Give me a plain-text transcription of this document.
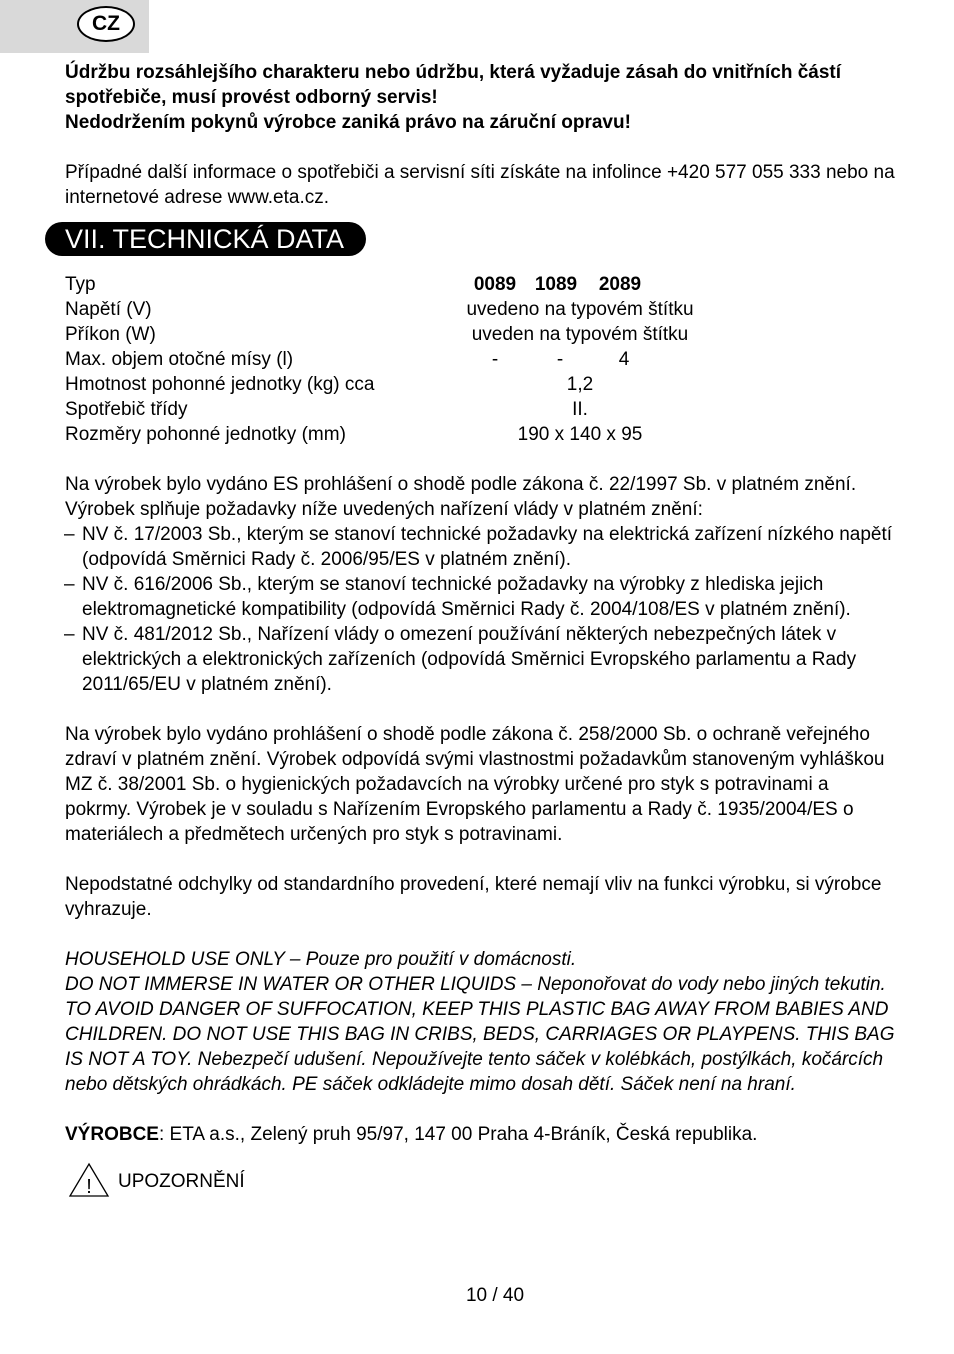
CZ

Údržbu rozsáhlejšího charakteru nebo údržbu, která vyžaduje zásah do vnitřních částí spotřebiče, musí provést odborný servis!

Nedodržením pokynů výrobce zaniká právo na záruční opravu!

Případné další informace o spotřebiči a servisní síti získáte na infolince +420 577 055 333 nebo na internetové adrese www.eta.cz.

VII. TECHNICKÁ DATA
Typ	0089 1089	2089
Napětí (V)	uvedeno na typovém štítku
Příkon (W)	uveden na typovém štítku
Max. objem otočné mísy (l)	-	-	4
Hmotnost pohonné jednotky (kg) cca	1,2
Spotřebič třídy	II.
Rozměry pohonné jednotky (mm)	190 x 140 x 95

Na výrobek bylo vydáno ES prohlášení o shodě podle zákona č. 22/1997 Sb. v platném znění. Výrobek splňuje požadavky níže uvedených nařízení vlády v platném znění:

– NV č. 17/2003 Sb., kterým se stanoví technické požadavky na elektrická zařízení nízkého napětí (odpovídá Směrnici Rady č. 2006/95/ES v platném znění).
– NV č. 616/2006 Sb., kterým se stanoví technické požadavky na výrobky z hlediska jejich elektromagnetické kompatibility (odpovídá Směrnici Rady č. 2004/108/ES v platném znění).
– NV č. 481/2012 Sb., Nařízení vlády o omezení používání některých nebezpečných látek v elektrických a elektronických zařízeních (odpovídá Směrnici Evropského parlamentu a Rady 2011/65/EU v platném znění).

Na výrobek bylo vydáno prohlášení o shodě podle zákona č. 258/2000 Sb. o ochraně veřejného zdraví v platném znění. Výrobek odpovídá svými vlastnostmi požadavkům stanoveným vyhláškou MZ č. 38/2001 Sb. o hygienických požadavcích na výrobky určené pro styk s potravinami a pokrmy. Výrobek je v souladu s Nařízením Evropského parlamentu a Rady č. 1935/2004/ES o materiálech a předmětech určených pro styk s potravinami.

Nepodstatné odchylky od standardního provedení, které nemají vliv na funkci výrobku, si výrobce vyhrazuje.

HOUSEHOLD USE ONLY – Pouze pro použití v domácnosti.

DO NOT IMMERSE IN WATER OR OTHER LIQUIDS – Neponořovat do vody nebo jiných tekutin. TO AVOID DANGER OF SUFFOCATION, KEEP THIS PLASTIC BAG AWAY FROM BABIES AND CHILDREN. DO NOT USE THIS BAG IN CRIBS, BEDS, CARRIAGES OR PLAYPENS. THIS BAG IS NOT A TOY. Nebezpečí udušení. Nepoužívejte tento sáček v kolébkách, postýlkách, kočárcích nebo dětských ohrádkách. PE sáček odkládejte mimo dosah dětí. Sáček není na hraní.

VÝROBCE: ETA a.s., Zelený pruh 95/97, 147 00 Praha 4-Bráník, Česká republika.

! UPOZORNĚNÍ
10 / 40
